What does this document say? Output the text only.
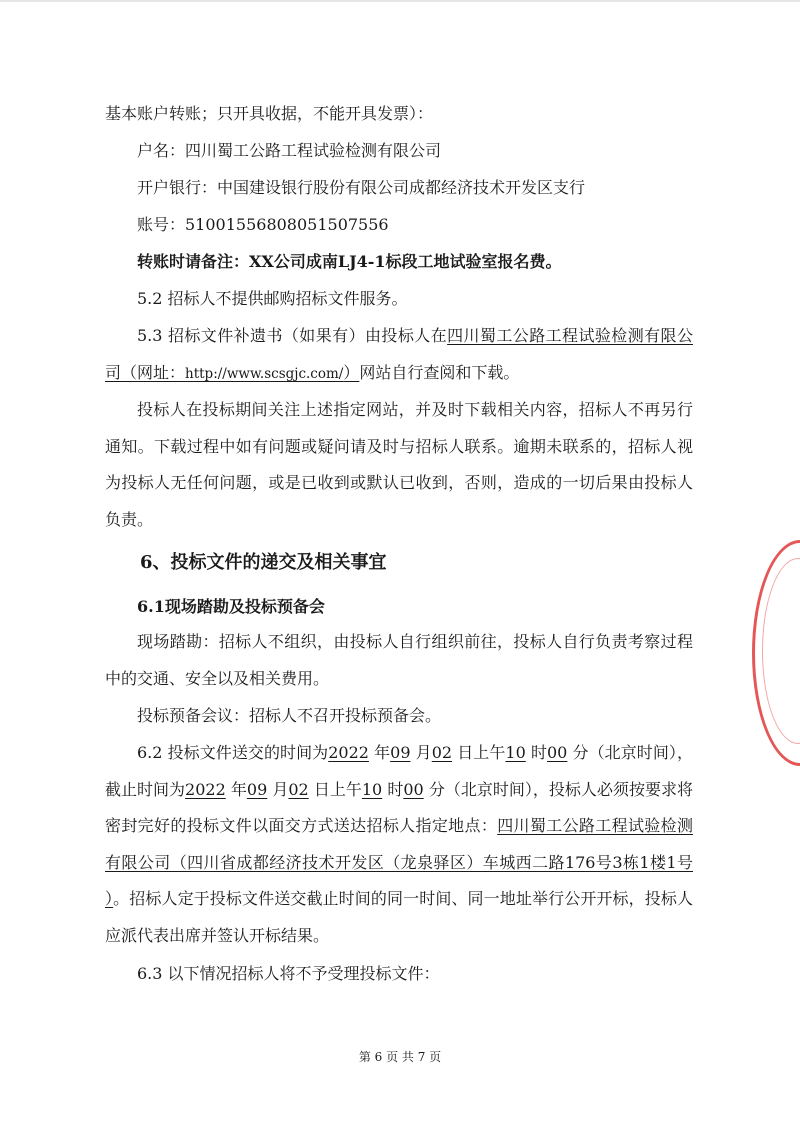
基本账户转账；只开具收据，不能开具发票）：
户名：四川蜀工公路工程试验检测有限公司
开户银行：中国建设银行股份有限公司成都经济技术开发区支行
账号：51001556808051507556
转账时请备注：XX公司成南LJ4-1标段工地试验室报名费。
5.2 招标人不提供邮购招标文件服务。
5.3 招标文件补遗书（如果有）由投标人在四川蜀工公路工程试验检测有限公司（网址：http://www.scsgjc.com/）网站自行查阅和下载。
投标人在投标期间关注上述指定网站，并及时下载相关内容，招标人不再另行通知。下载过程中如有问题或疑问请及时与招标人联系。逾期未联系的，招标人视为投标人无任何问题，或是已收到或默认已收到，否则，造成的一切后果由投标人负责。
6、投标文件的递交及相关事宜
6.1现场踏勘及投标预备会
现场踏勘：招标人不组织，由投标人自行组织前往，投标人自行负责考察过程中的交通、安全以及相关费用。
投标预备会议：招标人不召开投标预备会。
6.2 投标文件送交的时间为2022 年09 月02 日上午10 时00 分（北京时间），截止时间为2022 年09 月02 日上午10 时00 分（北京时间），投标人必须按要求将密封完好的投标文件以面交方式送达招标人指定地点：四川蜀工公路工程试验检测有限公司（四川省成都经济技术开发区（龙泉驿区）车城西二路176号3栋1楼1号 ）。招标人定于投标文件送交截止时间的同一时间、同一地址举行公开开标，投标人应派代表出席并签认开标结果。
6.3 以下情况招标人将不予受理投标文件：
第 6 页 共 7 页
